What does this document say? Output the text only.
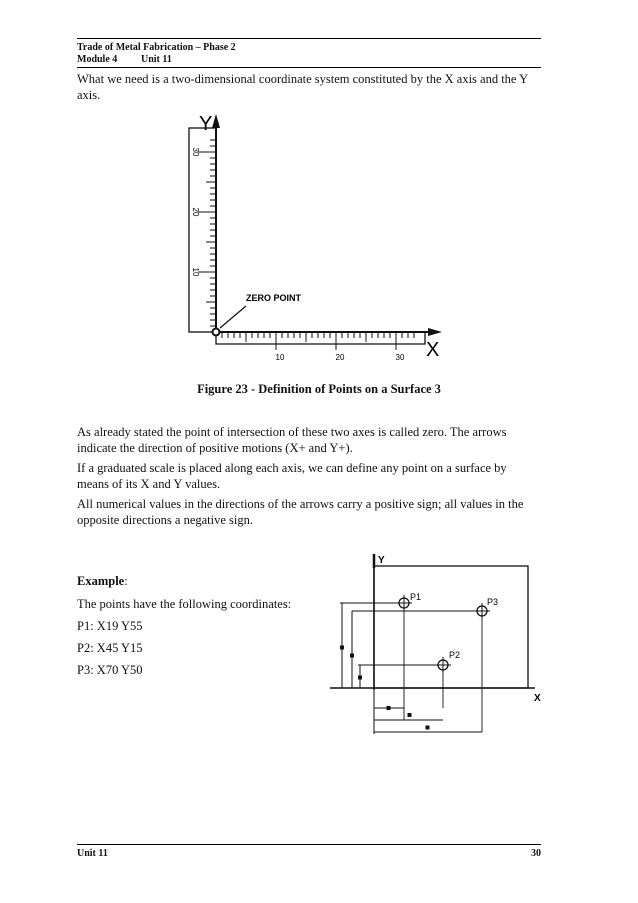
Trade of Metal Fabrication – Phase 2
Module 4 Unit 11
What we need is a two-dimensional coordinate system constituted by the X axis and the Y axis.
Y
10
20
30
10	20	30 X
ZERO POINT
Figure 23 - Definition of Points on a Surface 3
As already stated the point of intersection of these two axes is called zero. The arrows indicate the direction of positive motions (X+ and Y+).
If a graduated scale is placed along each axis, we can define any point on a surface by means of its X and Y values.
All numerical values in the directions of the arrows carry a positive sign; all values in the opposite directions a negative sign.
Example:
The points have the following coordinates:
P1: X19 Y55
P2: X45 Y15
P3: X70 Y50
Y
X
P1	P3
P2
Unit 11	30
